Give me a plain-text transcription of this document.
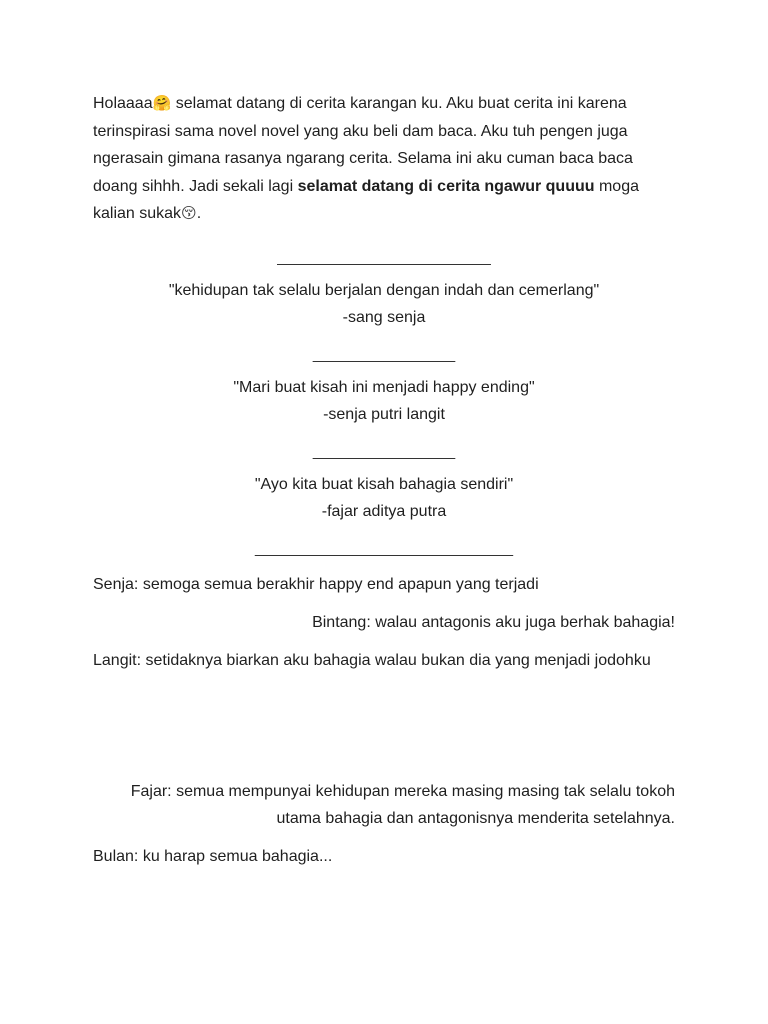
Holaaaa🤗 selamat datang di cerita karangan ku. Aku buat cerita ini karena terinspirasi sama novel novel yang aku beli dam baca. Aku tuh pengen juga ngerasain gimana rasanya ngarang cerita. Selama ini aku cuman baca baca doang sihhh. Jadi sekali lagi selamat datang di cerita ngawur quuuu moga kalian sukak😚.

________________________

"kehidupan tak selalu berjalan dengan indah dan cemerlang"

-sang senja

________________

"Mari buat kisah ini menjadi happy ending"

-senja putri langit

________________

"Ayo kita buat kisah bahagia sendiri"

-fajar aditya putra

_____________________________

Senja: semoga semua berakhir happy end apapun yang terjadi

Bintang: walau antagonis aku juga berhak bahagia!

Langit: setidaknya biarkan aku bahagia walau bukan dia yang menjadi jodohku

Fajar: semua mempunyai kehidupan mereka masing masing tak selalu tokoh utama bahagia dan antagonisnya menderita setelahnya.

Bulan: ku harap semua bahagia...
